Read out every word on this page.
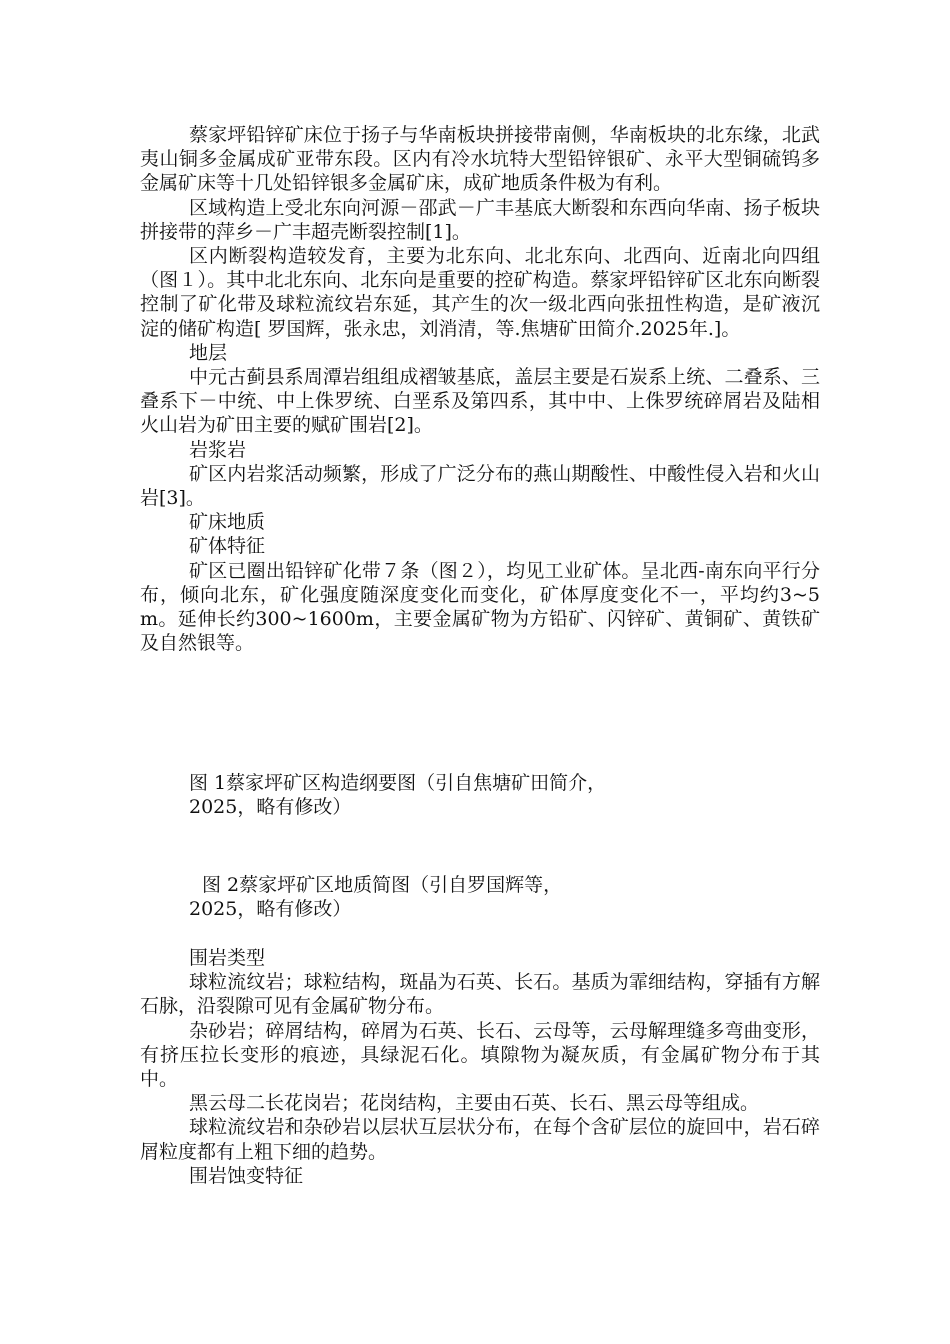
蔡家坪铅锌矿床位于扬子与华南板块拼接带南侧，华南板块的北东缘，北武夷山铜多金属成矿亚带东段。区内有冷水坑特大型铅锌银矿、永平大型铜硫钨多金属矿床等十几处铅锌银多金属矿床，成矿地质条件极为有利。

区域构造上受北东向河源－邵武－广丰基底大断裂和东西向华南、扬子板块拼接带的萍乡－广丰超壳断裂控制[1]。

区内断裂构造较发育，主要为北东向、北北东向、北西向、近南北向四组（图１）。其中北北东向、北东向是重要的控矿构造。蔡家坪铅锌矿区北东向断裂控制了矿化带及球粒流纹岩东延，其产生的次一级北西向张扭性构造，是矿液沉淀的储矿构造[ 罗国辉，张永忠，刘消清，等.焦塘矿田简介.2025年.]。

地层

中元古蓟县系周潭岩组组成褶皱基底，盖层主要是石炭系上统、二叠系、三叠系下－中统、中上侏罗统、白垩系及第四系，其中中、上侏罗统碎屑岩及陆相火山岩为矿田主要的赋矿围岩[2]。

岩浆岩

矿区内岩浆活动频繁，形成了广泛分布的燕山期酸性、中酸性侵入岩和火山岩[3]。

矿床地质

矿体特征

矿区已圈出铅锌矿化带７条（图２），均见工业矿体。呈北西-南东向平行分布，倾向北东，矿化强度随深度变化而变化，矿体厚度变化不一，平均约3~5m。延伸长约300~1600m，主要金属矿物为方铅矿、闪锌矿、黄铜矿、黄铁矿及自然银等。

图 1蔡家坪矿区构造纲要图（引自焦塘矿田简介，

2025，略有修改）

图 2蔡家坪矿区地质简图（引自罗国辉等，

2025，略有修改）

围岩类型

球粒流纹岩；球粒结构，斑晶为石英、长石。基质为霏细结构，穿插有方解石脉，沿裂隙可见有金属矿物分布。

杂砂岩；碎屑结构，碎屑为石英、长石、云母等，云母解理缝多弯曲变形，有挤压拉长变形的痕迹，具绿泥石化。填隙物为凝灰质，有金属矿物分布于其中。

黑云母二长花岗岩；花岗结构，主要由石英、长石、黑云母等组成。

球粒流纹岩和杂砂岩以层状互层状分布，在每个含矿层位的旋回中，岩石碎屑粒度都有上粗下细的趋势。

围岩蚀变特征
